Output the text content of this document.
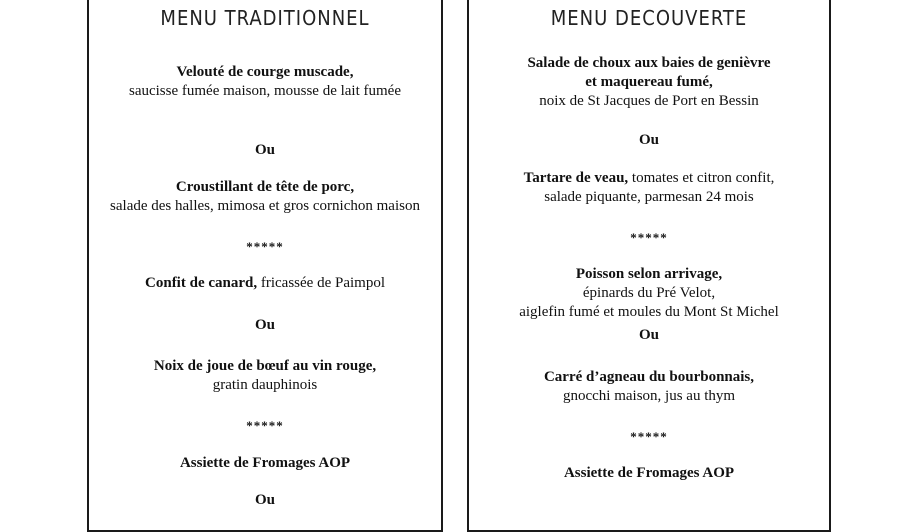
MENU TRADITIONNEL
Velouté de courge muscade,
saucisse fumée maison, mousse de lait fumée
Ou
Croustillant de tête de porc,
salade des halles, mimosa et gros cornichon maison
*****
Confit de canard, fricassée de Paimpol
Ou
Noix de joue de bœuf au vin rouge,
gratin dauphinois
*****
Assiette de Fromages AOP
Ou
MENU DECOUVERTE
Salade de choux aux baies de genièvre
et maquereau fumé,
noix de St Jacques de Port en Bessin
Ou
Tartare de veau, tomates et citron confit,
salade piquante, parmesan 24 mois
*****
Poisson selon arrivage,
épinards du Pré Velot,
aiglefin fumé et moules du Mont St Michel
Ou
Carré d’agneau du bourbonnais,
gnocchi maison, jus au thym
*****
Assiette de Fromages AOP
